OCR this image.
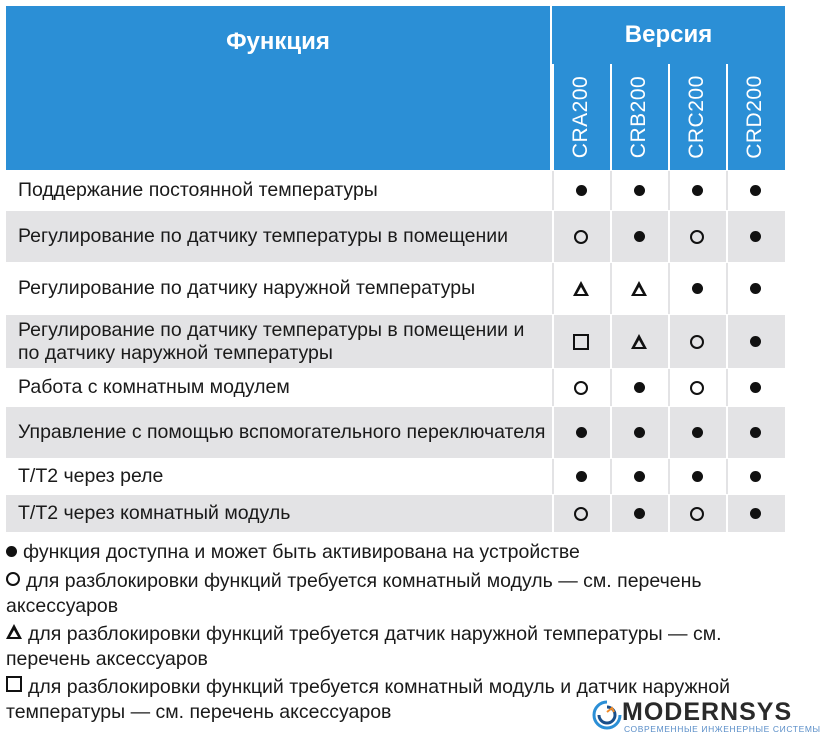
Функция	Версия
CRA200 CRB200 CRC200 CRD200
Поддержание постоянной температуры
Регулирование по датчику температуры в помещении
Регулирование по датчику наружной температуры
Регулирование по датчику температуры в помещении и по датчику наружной температуры
Работа с комнатным модулем
Управление с помощью вспомогательного переключателя
T/T2 через реле
T/T2 через комнатный модуль
функция доступна и может быть активирована на устройстве
для разблокировки функций требуется комнатный модуль — см. перечень аксессуаров
для разблокировки функций требуется датчик наружной температуры — см. перечень аксессуаров
для разблокировки функций требуется комнатный модуль и датчик наружной температуры — см. перечень аксессуаров	MODERNSYS
СОВРЕМЕННЫЕ ИНЖЕНЕРНЫЕ СИСТЕМЫ
